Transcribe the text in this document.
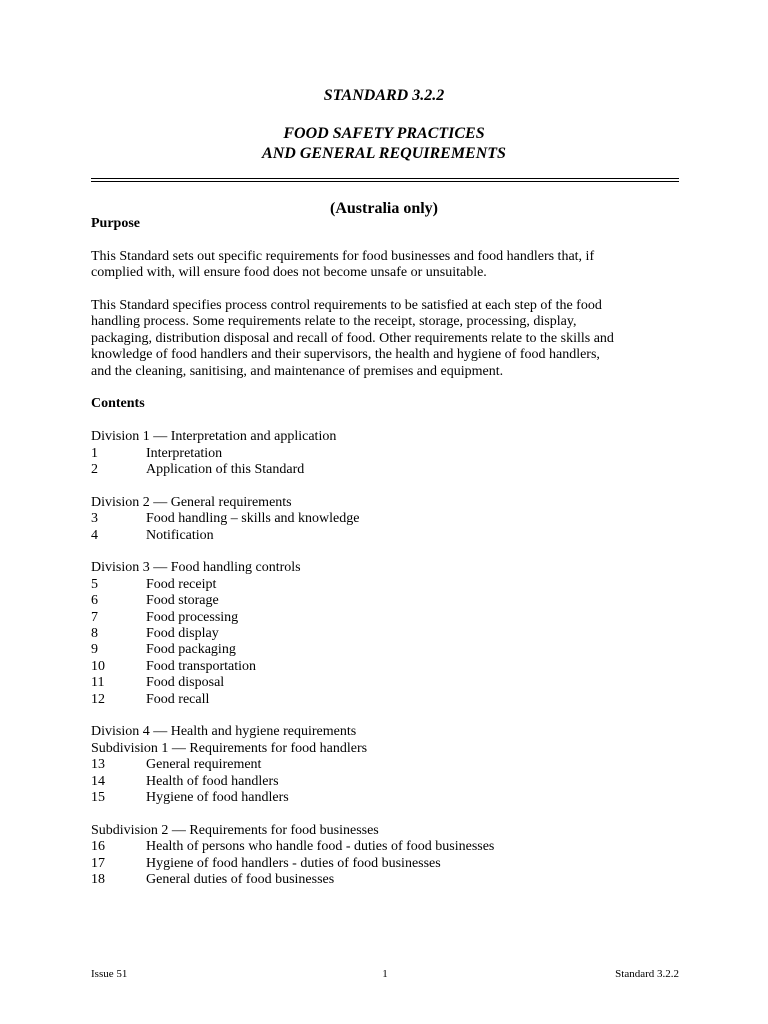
STANDARD 3.2.2
FOOD SAFETY PRACTICES
AND GENERAL REQUIREMENTS
(Australia only)
Purpose
This Standard sets out specific requirements for food businesses and food handlers that, if
complied with, will ensure food does not become unsafe or unsuitable.
This Standard specifies process control requirements to be satisfied at each step of the food
handling process. Some requirements relate to the receipt, storage, processing, display,
packaging, distribution disposal and recall of food. Other requirements relate to the skills and
knowledge of food handlers and their supervisors, the health and hygiene of food handlers,
and the cleaning, sanitising, and maintenance of premises and equipment.
Contents
Division 1 — Interpretation and application
1	Interpretation
2	Application of this Standard
Division 2 — General requirements
3	Food handling – skills and knowledge
4	Notification
Division 3 — Food handling controls
5	Food receipt
6	Food storage
7	Food processing
8	Food display
9	Food packaging
10	Food transportation
11	Food disposal
12	Food recall
Division 4 — Health and hygiene requirements
Subdivision 1 — Requirements for food handlers
13	General requirement
14	Health of food handlers
15	Hygiene of food handlers
Subdivision 2 — Requirements for food businesses
16	Health of persons who handle food - duties of food businesses
17	Hygiene of food handlers - duties of food businesses
18	General duties of food businesses
Issue 51	1	Standard 3.2.2
